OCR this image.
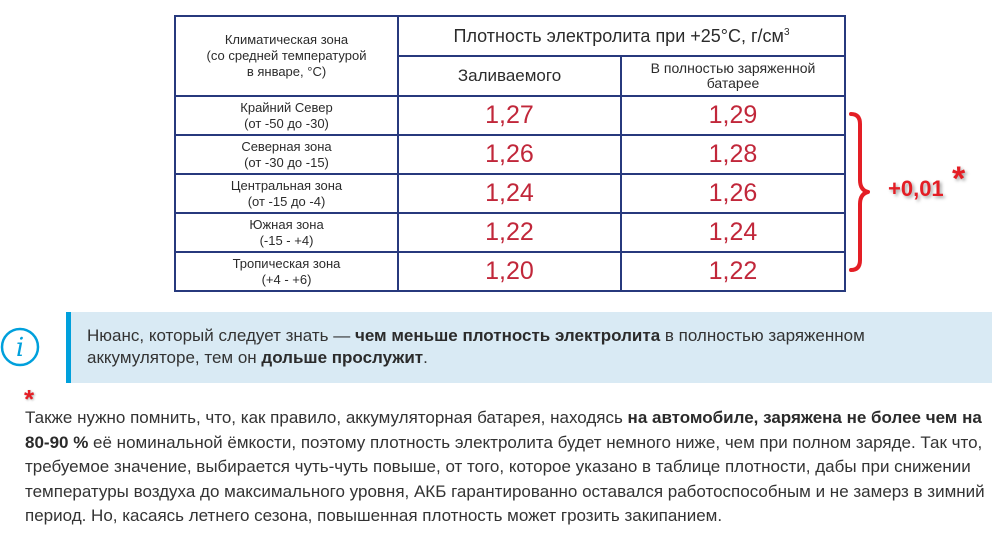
Климатическая зона
(со средней температурой
в январе, °С)	Плотность электролита при +25°С, $г/см^3$
	Заливаемого	В полностью заряженной
батарее

Крайний Север
(от -50 до -30)	1,27	1,29

Северная зона
(от -30 до -15)	1,26	1,28

Центральная зона
(от -15 до -4)	1,24	1,26

Южная зона
(-15 - +4)	1,22	1,24

Тропическая зона
(+4 - +6)	1,20	1,22
+0,01 *
i	Нюанс, который следует знать — чем меньше плотность электролита в полностью заряженном аккумуляторе, тем он дольше прослужит.
*

Также нужно помнить, что, как правило, аккумуляторная батарея, находясь на автомобиле, заряжена не более чем на 80-90 % её номинальной ёмкости, поэтому плотность электролита будет немного ниже, чем при полном заряде. Так что, требуемое значение, выбирается чуть-чуть повыше, от того, которое указано в таблице плотности, дабы при снижении температуры воздуха до максимального уровня, АКБ гарантированно оставался работоспособным и не замерз в зимний период. Но, касаясь летнего сезона, повышенная плотность может грозить закипанием.
